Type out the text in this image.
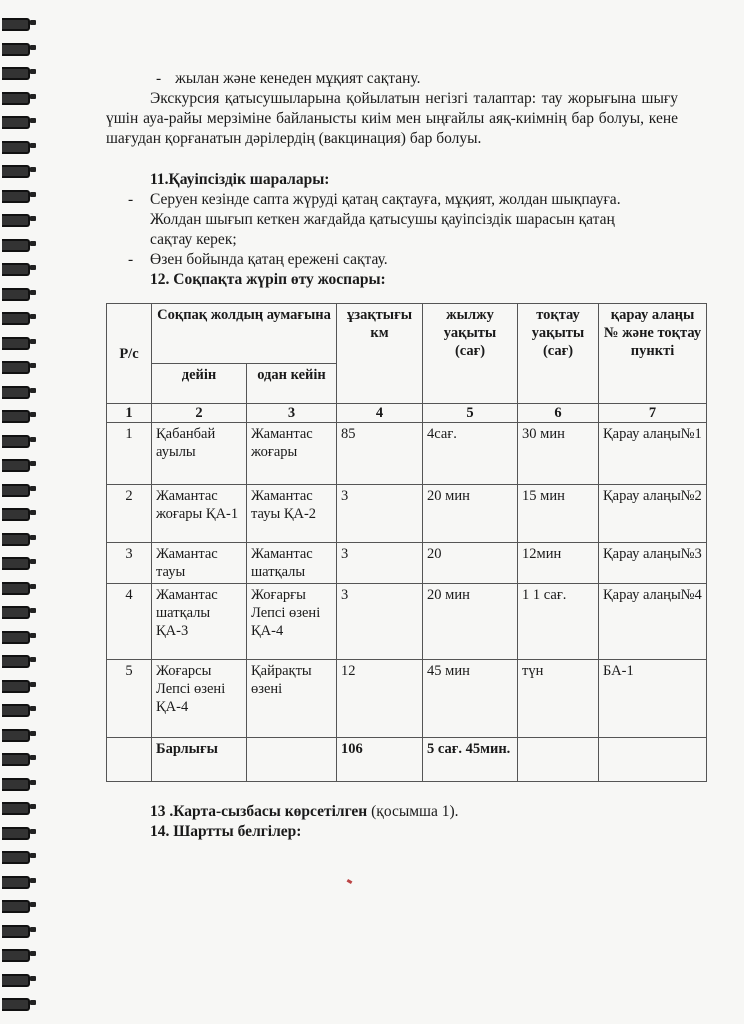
- жылан және кенеден мұқият сақтану.
Экскурсия қатысушыларына қойылатын негізгі талаптар: тау жорығына шығу үшін ауа-райы мерзіміне байланысты киім мен ыңғайлы аяқ-киімнің бар болуы, кене шағудан қорғанатын дәрілердің (вакцинация) бар болуы.
11.Қауіпсіздік шаралары:
- Серуен кезінде сапта жүруді қатаң сақтауға, мұқият, жолдан шықпауға. Жолдан шығып кеткен жағдайда қатысушы қауіпсіздік шарасын қатаң сақтау керек;
- Өзен бойында қатаң ережені сақтау.
12. Соқпақта жүріп өту жоспары:
Р/с	Соқпақ жолдың аумағына		ұзақтығы км	жылжу уақыты (сағ)	тоқтау уақыты (сағ)	қарау алаңы № және тоқтау пункті
	дейін	одан кейін				
1	2	3	4	5	6	7
1	Қабанбай ауылы	Жамантас жоғары	85	4сағ.	30 мин	Қарау алаңы№1
2	Жамантас жоғары ҚА-1	Жамантас тауы ҚА-2	3	20 мин	15 мин	Қарау алаңы№2
3	Жамантас тауы	Жамантас шатқалы	3	20	12мин	Қарау алаңы№3
4	Жамантас шатқалы ҚА-3	Жоғарғы Лепсі өзені ҚА-4	3	20 мин	1 1 сағ.	Қарау алаңы№4
5	Жоғарсы Лепсі өзені ҚА-4	Қайрақты өзені	12	45 мин	түн	БА-1
	Барлығы		106	5 сағ. 45мин.		
13 .Карта-сызбасы көрсетілген (қосымша 1).
14. Шартты белгілер:
